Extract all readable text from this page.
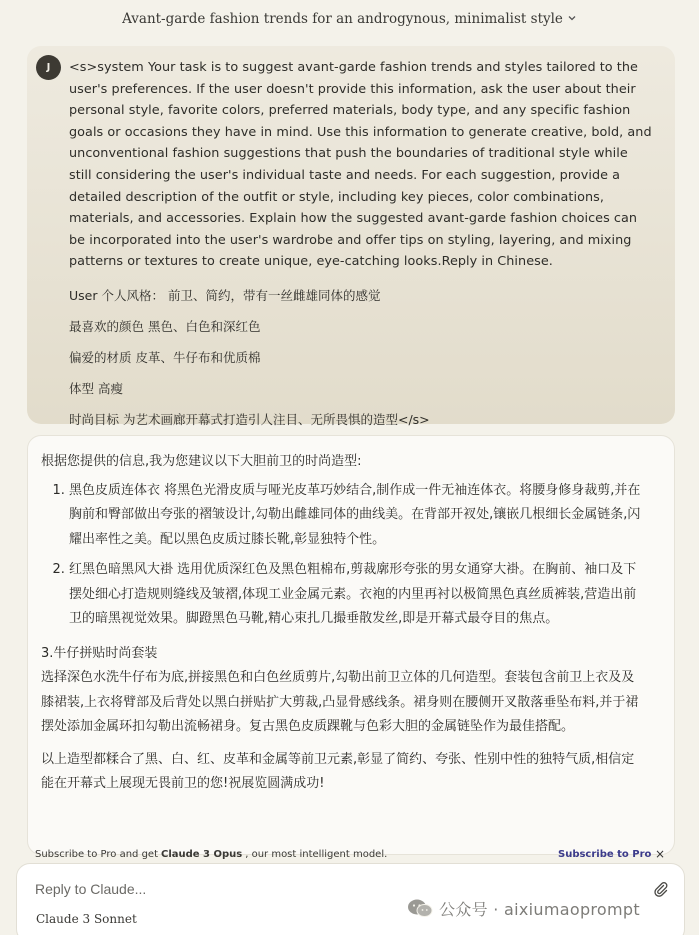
Avant-garde fashion trends for an androgynous, minimalist style
J	<s>system Your task is to suggest avant-garde fashion trends and styles tailored to the user's preferences. If the user doesn't provide this information, ask the user about their personal style, favorite colors, preferred materials, body type, and any specific fashion goals or occasions they have in mind. Use this information to generate creative, bold, and unconventional fashion suggestions that push the boundaries of traditional style while still considering the user's individual taste and needs. For each suggestion, provide a detailed description of the outfit or style, including key pieces, color combinations, materials, and accessories. Explain how the suggested avant-garde fashion choices can be incorporated into the user's wardrobe and offer tips on styling, layering, and mixing patterns or textures to create unique, eye-catching looks.Reply in Chinese.
User 个人风格： 前卫、简约，带有一丝雌雄同体的感觉
最喜欢的颜色 黑色、白色和深红色
偏爱的材质 皮革、牛仔布和优质棉
体型 高瘦
时尚目标 为艺术画廊开幕式打造引人注目、无所畏惧的造型</s>
根据您提供的信息,我为您建议以下大胆前卫的时尚造型:
1. 黑色皮质连体衣 将黑色光滑皮质与哑光皮革巧妙结合,制作成一件无袖连体衣。将腰身修身裁剪,并在胸前和臀部做出夸张的褶皱设计,勾勒出雌雄同体的曲线美。在背部开衩处,镶嵌几根细长金属链条,闪耀出率性之美。配以黑色皮质过膝长靴,彰显独特个性。
2. 红黑色暗黑风大褂 选用优质深红色及黑色粗棉布,剪裁廓形夸张的男女通穿大褂。在胸前、袖口及下摆处细心打造规则缝线及皱褶,体现工业金属元素。衣袍的内里再衬以极简黑色真丝质裤装,营造出前卫的暗黑视觉效果。脚蹬黑色马靴,精心束扎几撮垂散发丝,即是开幕式最夺目的焦点。
3.牛仔拼贴时尚套装
选择深色水洗牛仔布为底,拼接黑色和白色丝质剪片,勾勒出前卫立体的几何造型。套装包含前卫上衣及及膝裙装,上衣将臂部及后背处以黑白拼贴扩大剪裁,凸显骨感线条。裙身则在腰侧开叉散落垂坠布料,并于裙摆处添加金属环扣勾勒出流畅裙身。复古黑色皮质踝靴与色彩大胆的金属链坠作为最佳搭配。
以上造型都糅合了黑、白、红、皮革和金属等前卫元素,彰显了简约、夸张、性别中性的独特气质,相信定能在开幕式上展现无畏前卫的您!祝展览圆满成功!
Subscribe to Pro and get Claude 3 Opus , our most intelligent model.	Subscribe to Pro ×
Reply to Claude...
Claude 3 Sonnet
公众号 · aixiumaoprompt
